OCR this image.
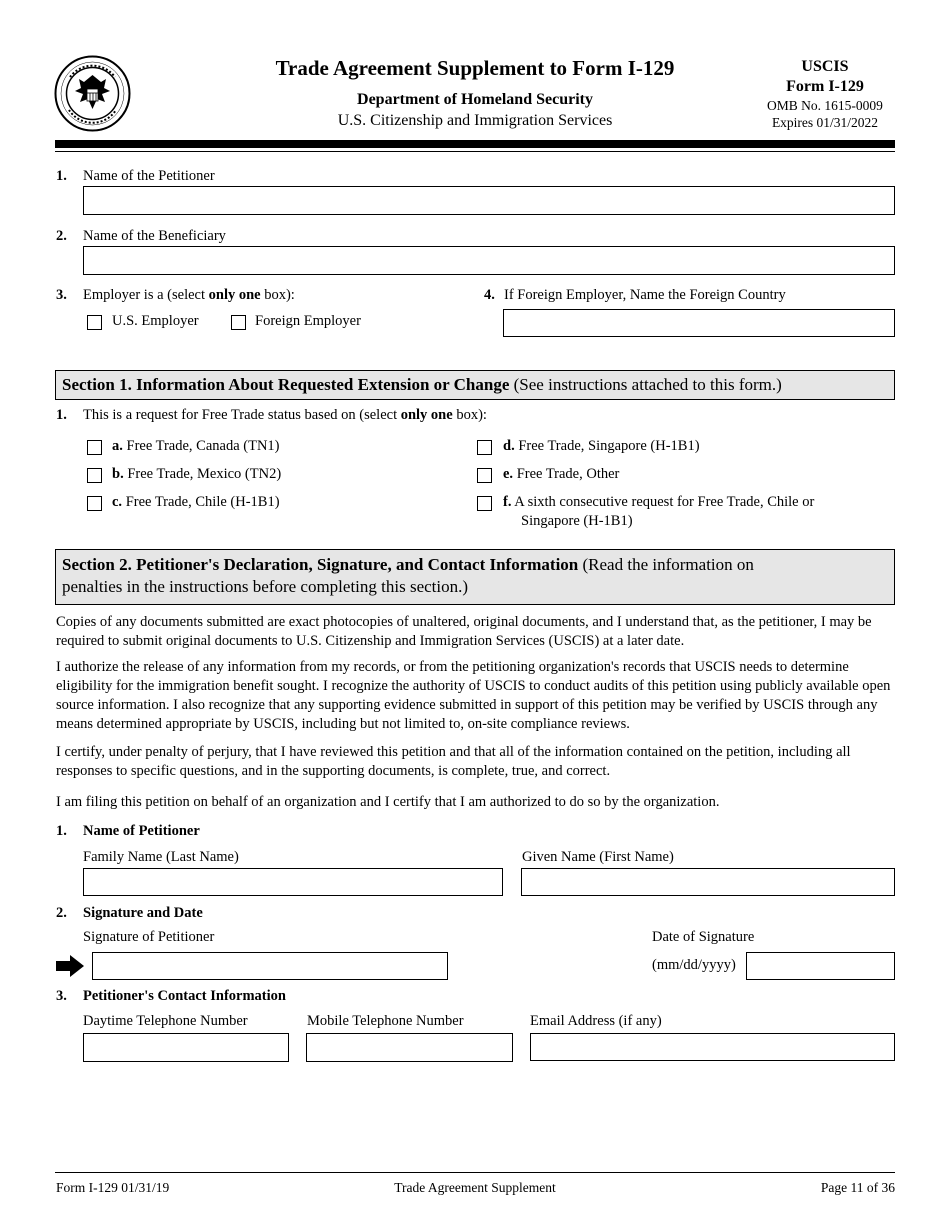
Trade Agreement Supplement to Form I-129
Department of Homeland Security
U.S. Citizenship and Immigration Services
USCIS
Form I-129
OMB No. 1615-0009
Expires 01/31/2022
1. Name of the Petitioner
2. Name of the Beneficiary
3. Employer is a (select only one box):
U.S. Employer	Foreign Employer
4. If Foreign Employer, Name the Foreign Country
Section 1. Information About Requested Extension or Change (See instructions attached to this form.)
1. This is a request for Free Trade status based on (select only one box):
a. Free Trade, Canada (TN1)
b. Free Trade, Mexico (TN2)
c. Free Trade, Chile (H-1B1)
d. Free Trade, Singapore (H-1B1)
e. Free Trade, Other
f. A sixth consecutive request for Free Trade, Chile or
Singapore (H-1B1)
Section 2. Petitioner's Declaration, Signature, and Contact Information (Read the information on
penalties in the instructions before completing this section.)
Copies of any documents submitted are exact photocopies of unaltered, original documents, and I understand that, as the petitioner, I may be required to submit original documents to U.S. Citizenship and Immigration Services (USCIS) at a later date.
I authorize the release of any information from my records, or from the petitioning organization's records that USCIS needs to determine eligibility for the immigration benefit sought. I recognize the authority of USCIS to conduct audits of this petition using publicly available open source information. I also recognize that any supporting evidence submitted in support of this petition may be verified by USCIS through any means determined appropriate by USCIS, including but not limited to, on-site compliance reviews.
I certify, under penalty of perjury, that I have reviewed this petition and that all of the information contained on the petition, including all responses to specific questions, and in the supporting documents, is complete, true, and correct.
I am filing this petition on behalf of an organization and I certify that I am authorized to do so by the organization.
1. Name of Petitioner
Family Name (Last Name)	Given Name (First Name)
2. Signature and Date
Signature of Petitioner	Date of Signature
(mm/dd/yyyy)
3. Petitioner's Contact Information
Daytime Telephone Number	Mobile Telephone Number	Email Address (if any)
Form I-129 01/31/19	Trade Agreement Supplement	Page 11 of 36
